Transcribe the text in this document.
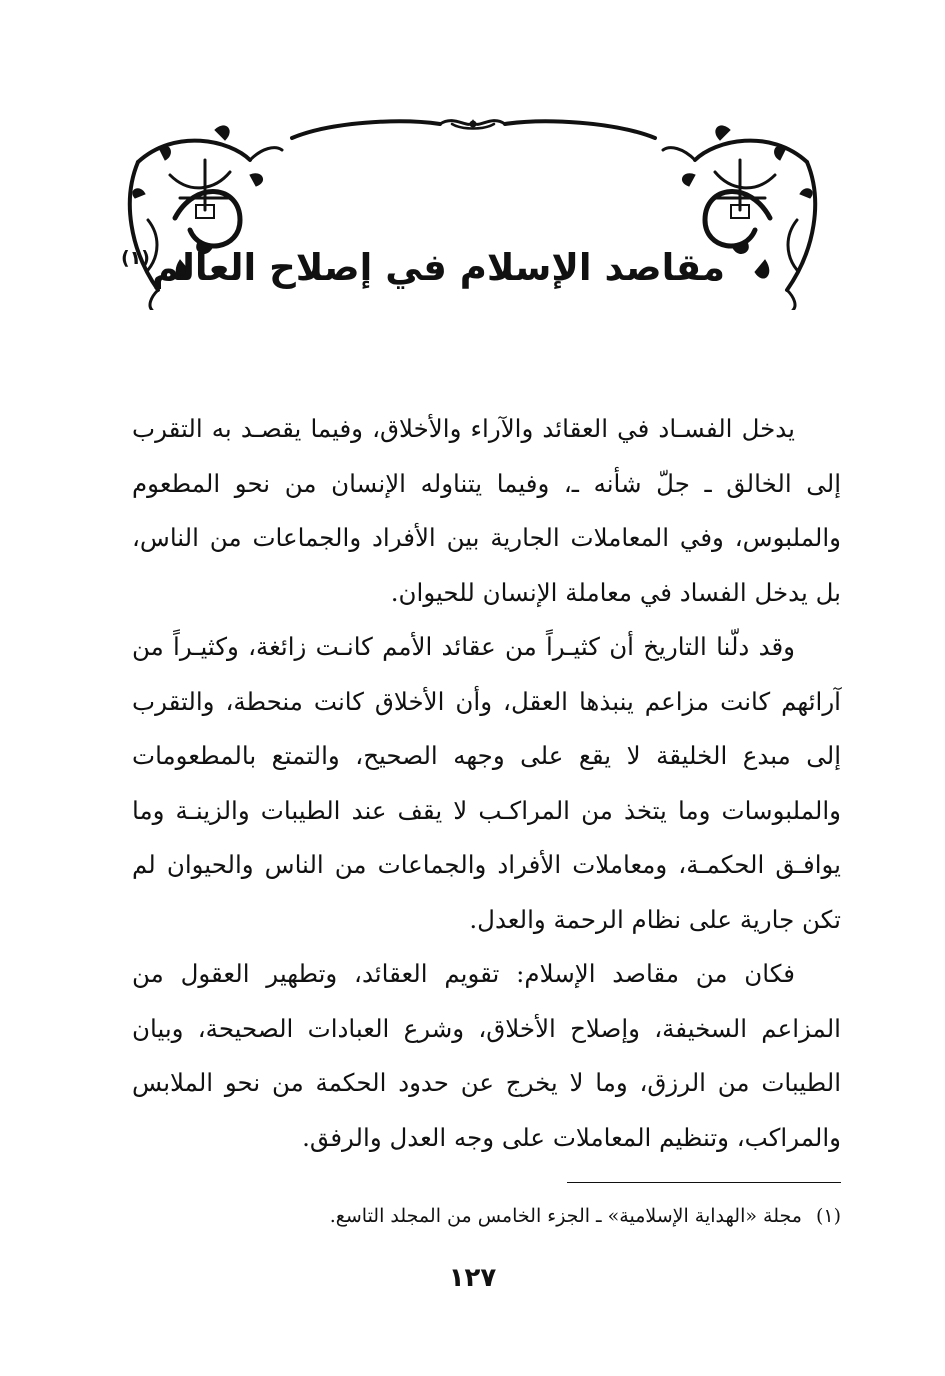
مقاصد الإسلام في إصلاح العالم$^{(١)}$

يدخل الفسـاد في العقائد والآراء والأخلاق، وفيما يقصـد به التقرب إلى الخالق ـ جلّ شأنه ـ، وفيما يتناوله الإنسان من نحو المطعوم والملبوس، وفي المعاملات الجارية بين الأفراد والجماعات من الناس، بل يدخل الفساد في معاملة الإنسان للحيوان.

وقد دلّنا التاريخ أن كثيـراً من عقائد الأمم كانـت زائغة، وكثيـراً من آرائهم كانت مزاعم ينبذها العقل، وأن الأخلاق كانت منحطة، والتقرب إلى مبدع الخليقة لا يقع على وجهه الصحيح، والتمتع بالمطعومات والملبوسات وما يتخذ من المراكـب لا يقف عند الطيبات والزينـة وما يوافـق الحكمـة، ومعاملات الأفراد والجماعات من الناس والحيوان لم تكن جارية على نظام الرحمة والعدل.

فكان من مقاصد الإسلام: تقويم العقائد، وتطهير العقول من المزاعم السخيفة، وإصلاح الأخلاق، وشرع العبادات الصحيحة، وبيان الطيبات من الرزق، وما لا يخرج عن حدود الحكمة من نحو الملابس والمراكب، وتنظيم المعاملات على وجه العدل والرفق.

(١)مجلة «الهداية الإسلامية» ـ الجزء الخامس من المجلد التاسع.
١٢٧
